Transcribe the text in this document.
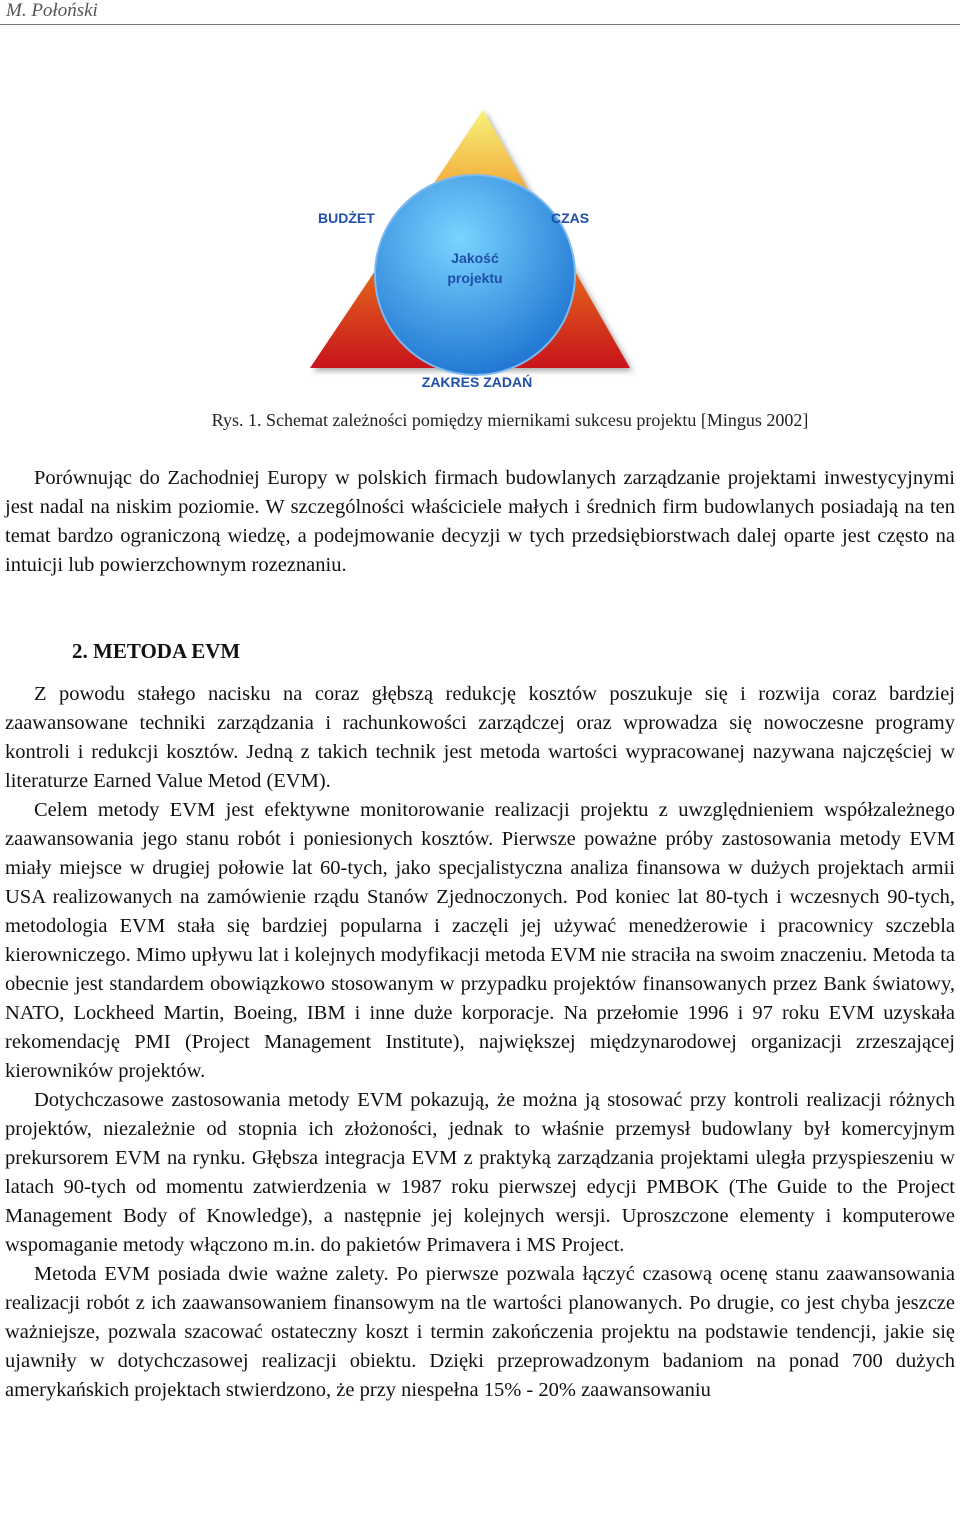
M. Połoński
BUDŻET	CZAS
Jakość
projektu
ZAKRES ZADAŃ
Rys. 1. Schemat zależności pomiędzy miernikami sukcesu projektu [Mingus 2002]

Porównując do Zachodniej Europy w polskich firmach budowlanych zarządzanie projektami inwestycyjnymi jest nadal na niskim poziomie. W szczególności właściciele małych i średnich firm budowlanych posiadają na ten temat bardzo ograniczoną wiedzę, a podejmowanie decyzji w tych przedsiębiorstwach dalej oparte jest często na intuicji lub powierzchownym rozeznaniu.

2. METODA EVM

Z powodu stałego nacisku na coraz głębszą redukcję kosztów poszukuje się i rozwija coraz bardziej zaawansowane techniki zarządzania i rachunkowości zarządczej oraz wprowadza się nowoczesne programy kontroli i redukcji kosztów. Jedną z takich technik jest metoda wartości wypracowanej nazywana najczęściej w literaturze Earned Value Metod (EVM).

Celem metody EVM jest efektywne monitorowanie realizacji projektu z uwzględnieniem współzależnego zaawansowania jego stanu robót i poniesionych kosztów. Pierwsze poważne próby zastosowania metody EVM miały miejsce w drugiej połowie lat 60-tych, jako specjalistyczna analiza finansowa w dużych projektach armii USA realizowanych na zamówienie rządu Stanów Zjednoczonych. Pod koniec lat 80-tych i wczesnych 90-tych, metodologia EVM stała się bardziej popularna i zaczęli jej używać menedżerowie i pracownicy szczebla kierowniczego. Mimo upływu lat i kolejnych modyfikacji metoda EVM nie straciła na swoim znaczeniu. Metoda ta obecnie jest standardem obowiązkowo stosowanym w przypadku projektów finansowanych przez Bank światowy, NATO, Lockheed Martin, Boeing, IBM i inne duże korporacje. Na przełomie 1996 i 97 roku EVM uzyskała rekomendację PMI (Project Management Institute), największej międzynarodowej organizacji zrzeszającej kierowników projektów.

Dotychczasowe zastosowania metody EVM pokazują, że można ją stosować przy kontroli realizacji różnych projektów, niezależnie od stopnia ich złożoności, jednak to właśnie przemysł budowlany był komercyjnym prekursorem EVM na rynku. Głębsza integracja EVM z praktyką zarządzania projektami uległa przyspieszeniu w latach 90-tych od momentu zatwierdzenia w 1987 roku pierwszej edycji PMBOK (The Guide to the Project Management Body of Knowledge), a następnie jej kolejnych wersji. Uproszczone elementy i komputerowe wspomaganie metody włączono m.in. do pakietów Primavera i MS Project.

Metoda EVM posiada dwie ważne zalety. Po pierwsze pozwala łączyć czasową ocenę stanu zaawansowania realizacji robót z ich zaawansowaniem finansowym na tle wartości planowanych. Po drugie, co jest chyba jeszcze ważniejsze, pozwala szacować ostateczny koszt i termin zakończenia projektu na podstawie tendencji, jakie się ujawniły w dotychczasowej realizacji obiektu. Dzięki przeprowadzonym badaniom na ponad 700 dużych amerykańskich projektach stwierdzono, że przy niespełna 15% - 20% zaawansowaniu
